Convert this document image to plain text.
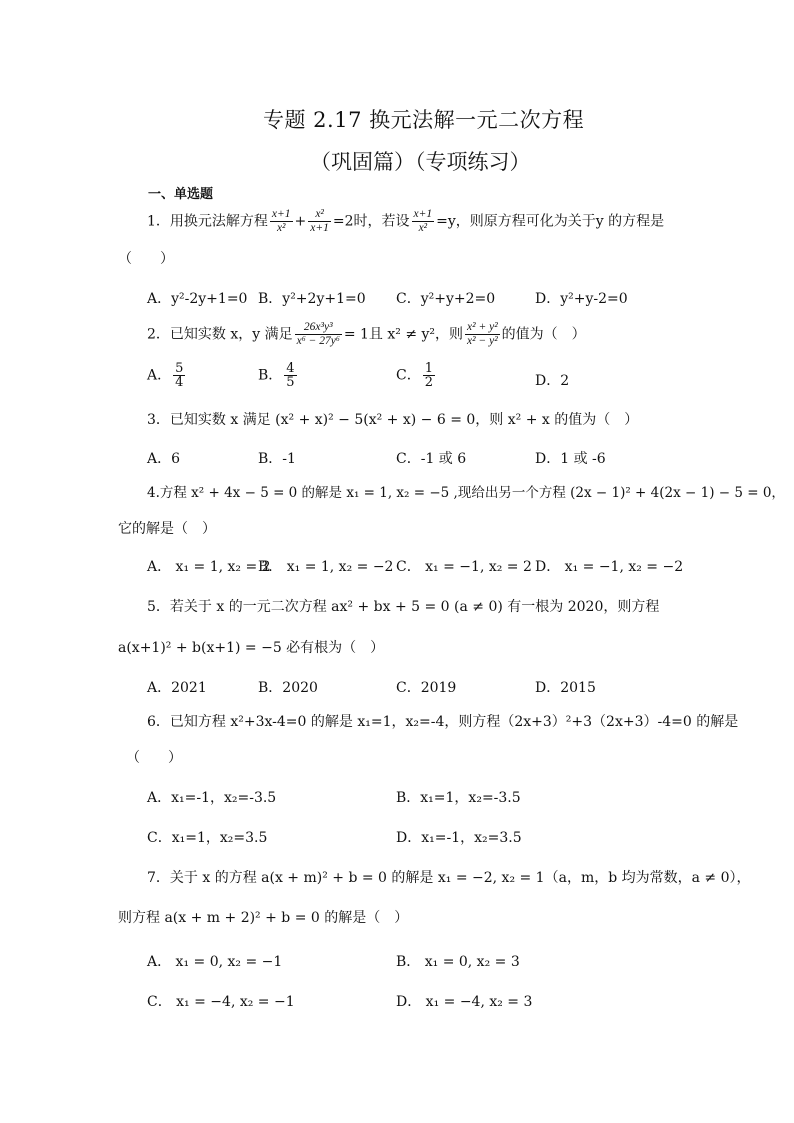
专题 2.17 换元法解一元二次方程
（巩固篇）（专项练习）
一、单选题
1．用换元法解方程 $\frac{x+1}{\text{x²}} + \frac{\text{x²}}{x+1} =2$时，若设 $\frac{x+1}{\text{x²}} =y$，则原方程可化为关于y 的方程是
（　　）
A．y²-2y+1=0 B．y²+2y+1=0 C．y²+y+2=0	D．y²+y-2=0
2．已知实数 x，y 满足 $\frac{\text{26x³y³}}{\text{x⁶ − 27y⁶}} = 1$且 x² ≠ y²，则 $\frac{\text{x² + y²}}{\text{x² − y²}}$ 的值为（　）
A． $\frac{5}{4}$	B． $\frac{4}{5}$	C． $\frac{1}{2}$	D．2
3．已知实数 x 满足 (x² + x)² − 5(x² + x) − 6 = 0，则 x² + x 的值为（　）
A．6	B．-1	C．-1 或 6	D．1 或 -6
4.方程 x² + 4x − 5 = 0 的解是 x₁ = 1, x₂ = −5 ,现给出另一个方程 (2x − 1)² + 4(2x − 1) − 5 = 0，
它的解是（　）
A． x₁ = 1, x₂ = 2
B． x₁ = 1, x₂ = −2 C． x₁ = −1, x₂ = 2 D． x₁ = −1, x₂ = −2
5．若关于 x 的一元二次方程 ax² + bx + 5 = 0 (a ≠ 0) 有一根为 2020，则方程
a(x+1)² + b(x+1) = −5 必有根为（　）
A．2021	B．2020	C．2019	D．2015
6．已知方程 x²+3x-4=0 的解是 x₁=1，x₂=-4，则方程（2x+3）²+3（2x+3）-4=0 的解是
（　　）
A．x₁=-1，x₂=-3.5	B．x₁=1，x₂=-3.5
C．x₁=1，x₂=3.5	D．x₁=-1，x₂=3.5
7．关于 x 的方程 a(x + m)² + b = 0 的解是 x₁ = −2, x₂ = 1（a，m，b 均为常数，a ≠ 0），
则方程 a(x + m + 2)² + b = 0 的解是（　）
A． x₁ = 0, x₂ = −1	B． x₁ = 0, x₂ = 3
C． x₁ = −4, x₂ = −1	D． x₁ = −4, x₂ = 3
